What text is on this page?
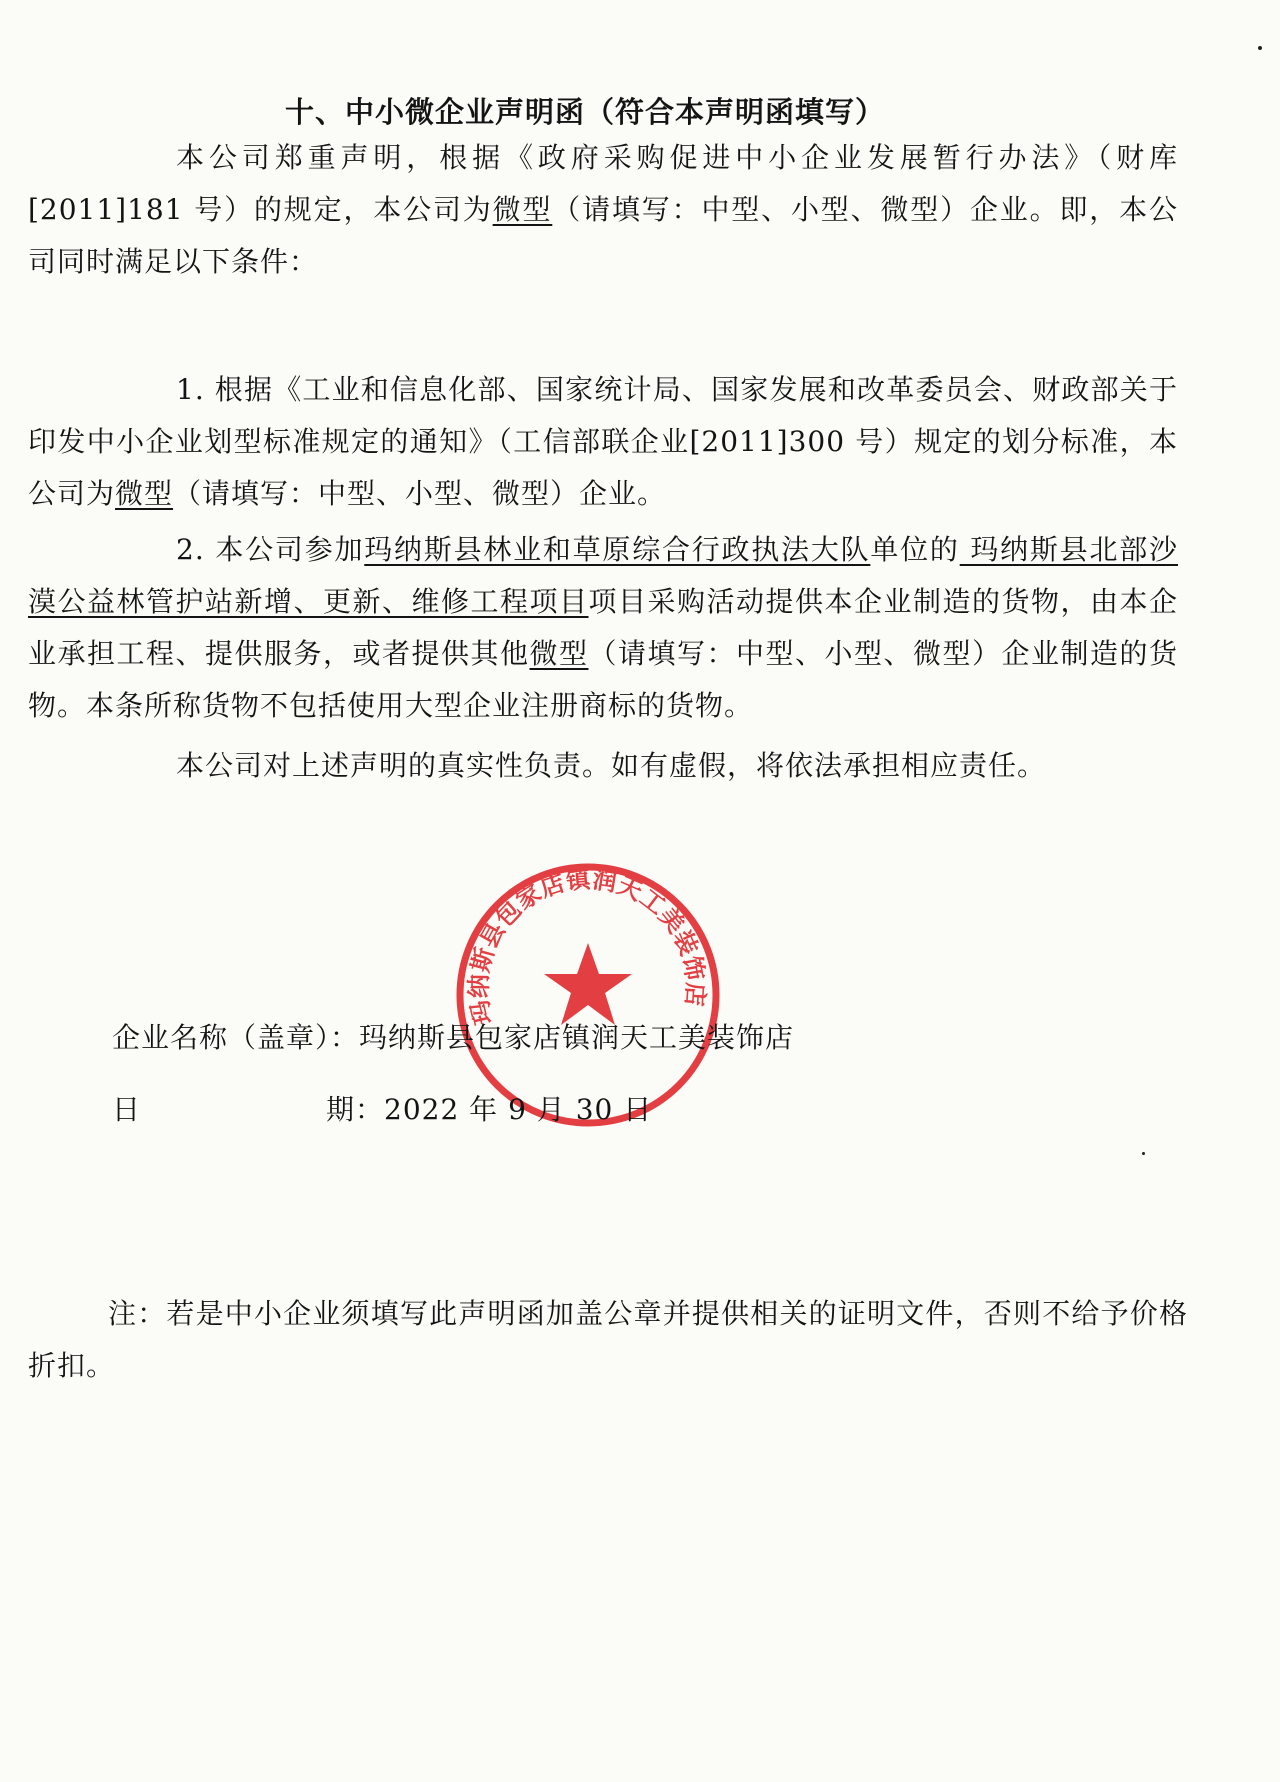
十、中小微企业声明函（符合本声明函填写）
本公司郑重声明，根据《政府采购促进中小企业发展暂行办法》（财库[2011]181 号）的规定，本公司为微型（请填写：中型、小型、微型）企业。即，本公司同时满足以下条件：
1. 根据《工业和信息化部、国家统计局、国家发展和改革委员会、财政部关于印发中小企业划型标准规定的通知》（工信部联企业[2011]300 号）规定的划分标准，本公司为微型（请填写：中型、小型、微型）企业。
2. 本公司参加玛纳斯县林业和草原综合行政执法大队单位的 玛纳斯县北部沙漠公益林管护站新增、更新、维修工程项目项目采购活动提供本企业制造的货物，由本企业承担工程、提供服务，或者提供其他微型（请填写：中型、小型、微型）企业制造的货物。本条所称货物不包括使用大型企业注册商标的货物。
本公司对上述声明的真实性负责。如有虚假，将依法承担相应责任。
玛纳斯县包家店镇润天工美装饰店
企业名称（盖章）：玛纳斯县包家店镇润天工美装饰店
日	期：2022 年 9 月 30 日
注：若是中小企业须填写此声明函加盖公章并提供相关的证明文件，否则不给予价格折扣。
